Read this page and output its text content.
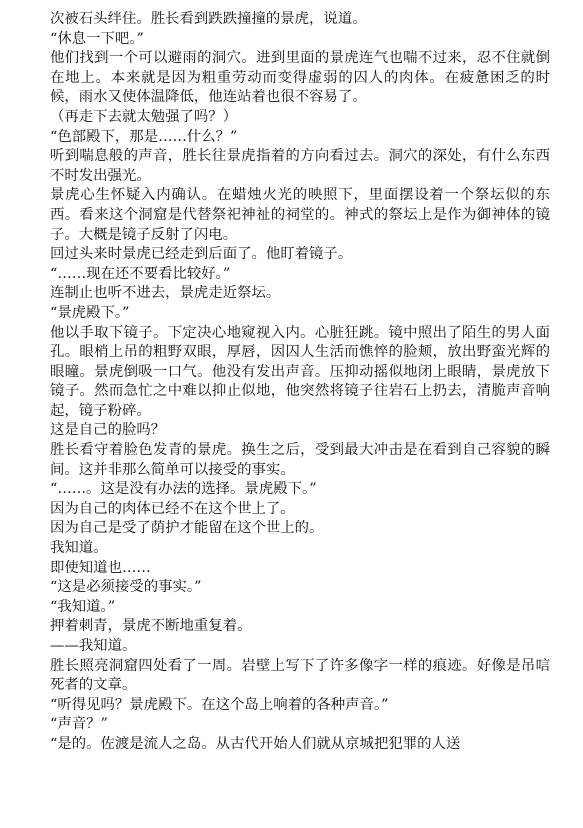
次被石头绊住。胜长看到跌跌撞撞的景虎，说道。

“休息一下吧。”

他们找到一个可以避雨的洞穴。进到里面的景虎连气也喘不过来，忍不住就倒在地上。本来就是因为粗重劳动而变得虚弱的囚人的肉体。在疲惫困乏的时候，雨水又使体温降低，他连站着也很不容易了。

（再走下去就太勉强了吗？）

“色部殿下，那是……什么？”

听到喘息般的声音，胜长往景虎指着的方向看过去。洞穴的深处，有什么东西不时发出强光。

景虎心生怀疑入内确认。在蜡烛火光的映照下，里面摆设着一个祭坛似的东西。看来这个洞窟是代替祭祀神祉的祠堂的。神式的祭坛上是作为御神体的镜子。大概是镜子反射了闪电。

回过头来时景虎已经走到后面了。他盯着镜子。

“……现在还不要看比较好。”

连制止也听不进去，景虎走近祭坛。

“景虎殿下。”

他以手取下镜子。下定决心地窥视入内。心脏狂跳。镜中照出了陌生的男人面孔。眼梢上吊的粗野双眼，厚唇，因囚人生活而憔悴的脸颊，放出野蛮光辉的眼瞳。景虎倒吸一口气。他没有发出声音。压抑动摇似地闭上眼睛，景虎放下镜子。然而急忙之中难以抑止似地，他突然将镜子往岩石上扔去，清脆声音响起，镜子粉碎。

这是自己的脸吗？

胜长看守着脸色发青的景虎。换生之后，受到最大冲击是在看到自己容貌的瞬间。这并非那么简单可以接受的事实。

“……。这是没有办法的选择。景虎殿下。”

因为自己的肉体已经不在这个世上了。

因为自己是受了荫护才能留在这个世上的。

我知道。

即使知道也……

“这是必须接受的事实。”

“我知道。”

押着刺青，景虎不断地重复着。

——我知道。

胜长照亮洞窟四处看了一周。岩壁上写下了许多像字一样的痕迹。好像是吊唁死者的文章。

“听得见吗？景虎殿下。在这个岛上响着的各种声音。”

“声音？”

“是的。佐渡是流人之岛。从古代开始人们就从京城把犯罪的人送
